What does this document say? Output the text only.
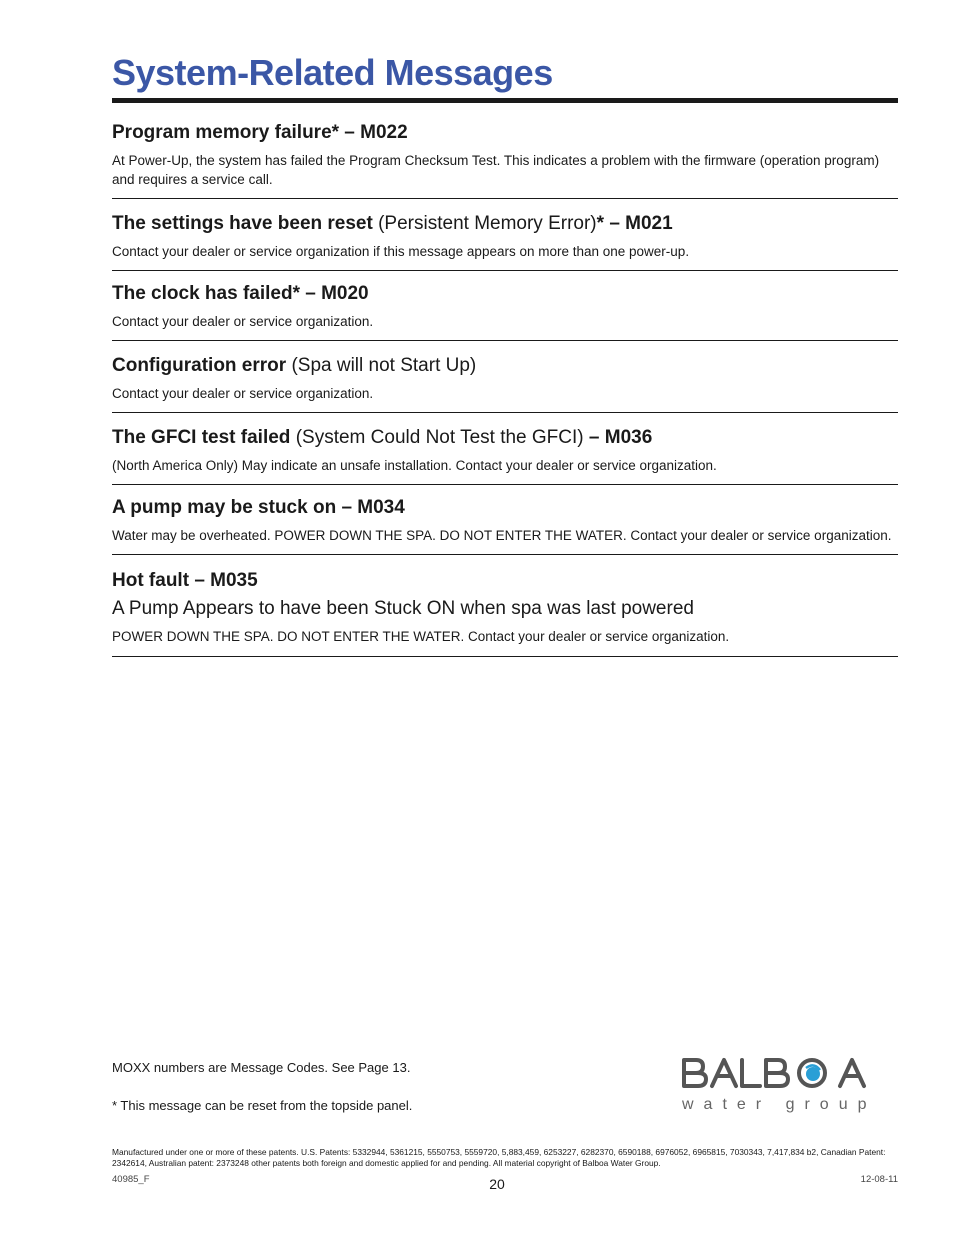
System-Related Messages

Program memory failure* – M022

At Power-Up, the system has failed the Program Checksum Test. This indicates a problem with the firmware (operation program) and requires a service call.

The settings have been reset (Persistent Memory Error)* – M021

Contact your dealer or service organization if this message appears on more than one power-up.

The clock has failed* – M020

Contact your dealer or service organization.

Configuration error (Spa will not Start Up)

Contact your dealer or service organization.

The GFCI test failed (System Could Not Test the GFCI) – M036

(North America Only) May indicate an unsafe installation. Contact your dealer or service organization.

A pump may be stuck on – M034

Water may be overheated. POWER DOWN THE SPA. DO NOT ENTER THE WATER. Contact your dealer or service organization.

Hot fault – M035

A Pump Appears to have been Stuck ON when spa was last powered

POWER DOWN THE SPA. DO NOT ENTER THE WATER. Contact your dealer or service organization.

MOXX numbers are Message Codes. See Page 13.
* This message can be reset from the topside panel.	water group
Manufactured under one or more of these patents. U.S. Patents: 5332944, 5361215, 5550753, 5559720, 5,883,459, 6253227, 6282370, 6590188, 6976052, 6965815, 7030343, 7,417,834 b2, Canadian Patent: 2342614, Australian patent: 2373248 other patents both foreign and domestic applied for and pending. All material copyright of Balboa Water Group.
40985_F	20	12-08-11
